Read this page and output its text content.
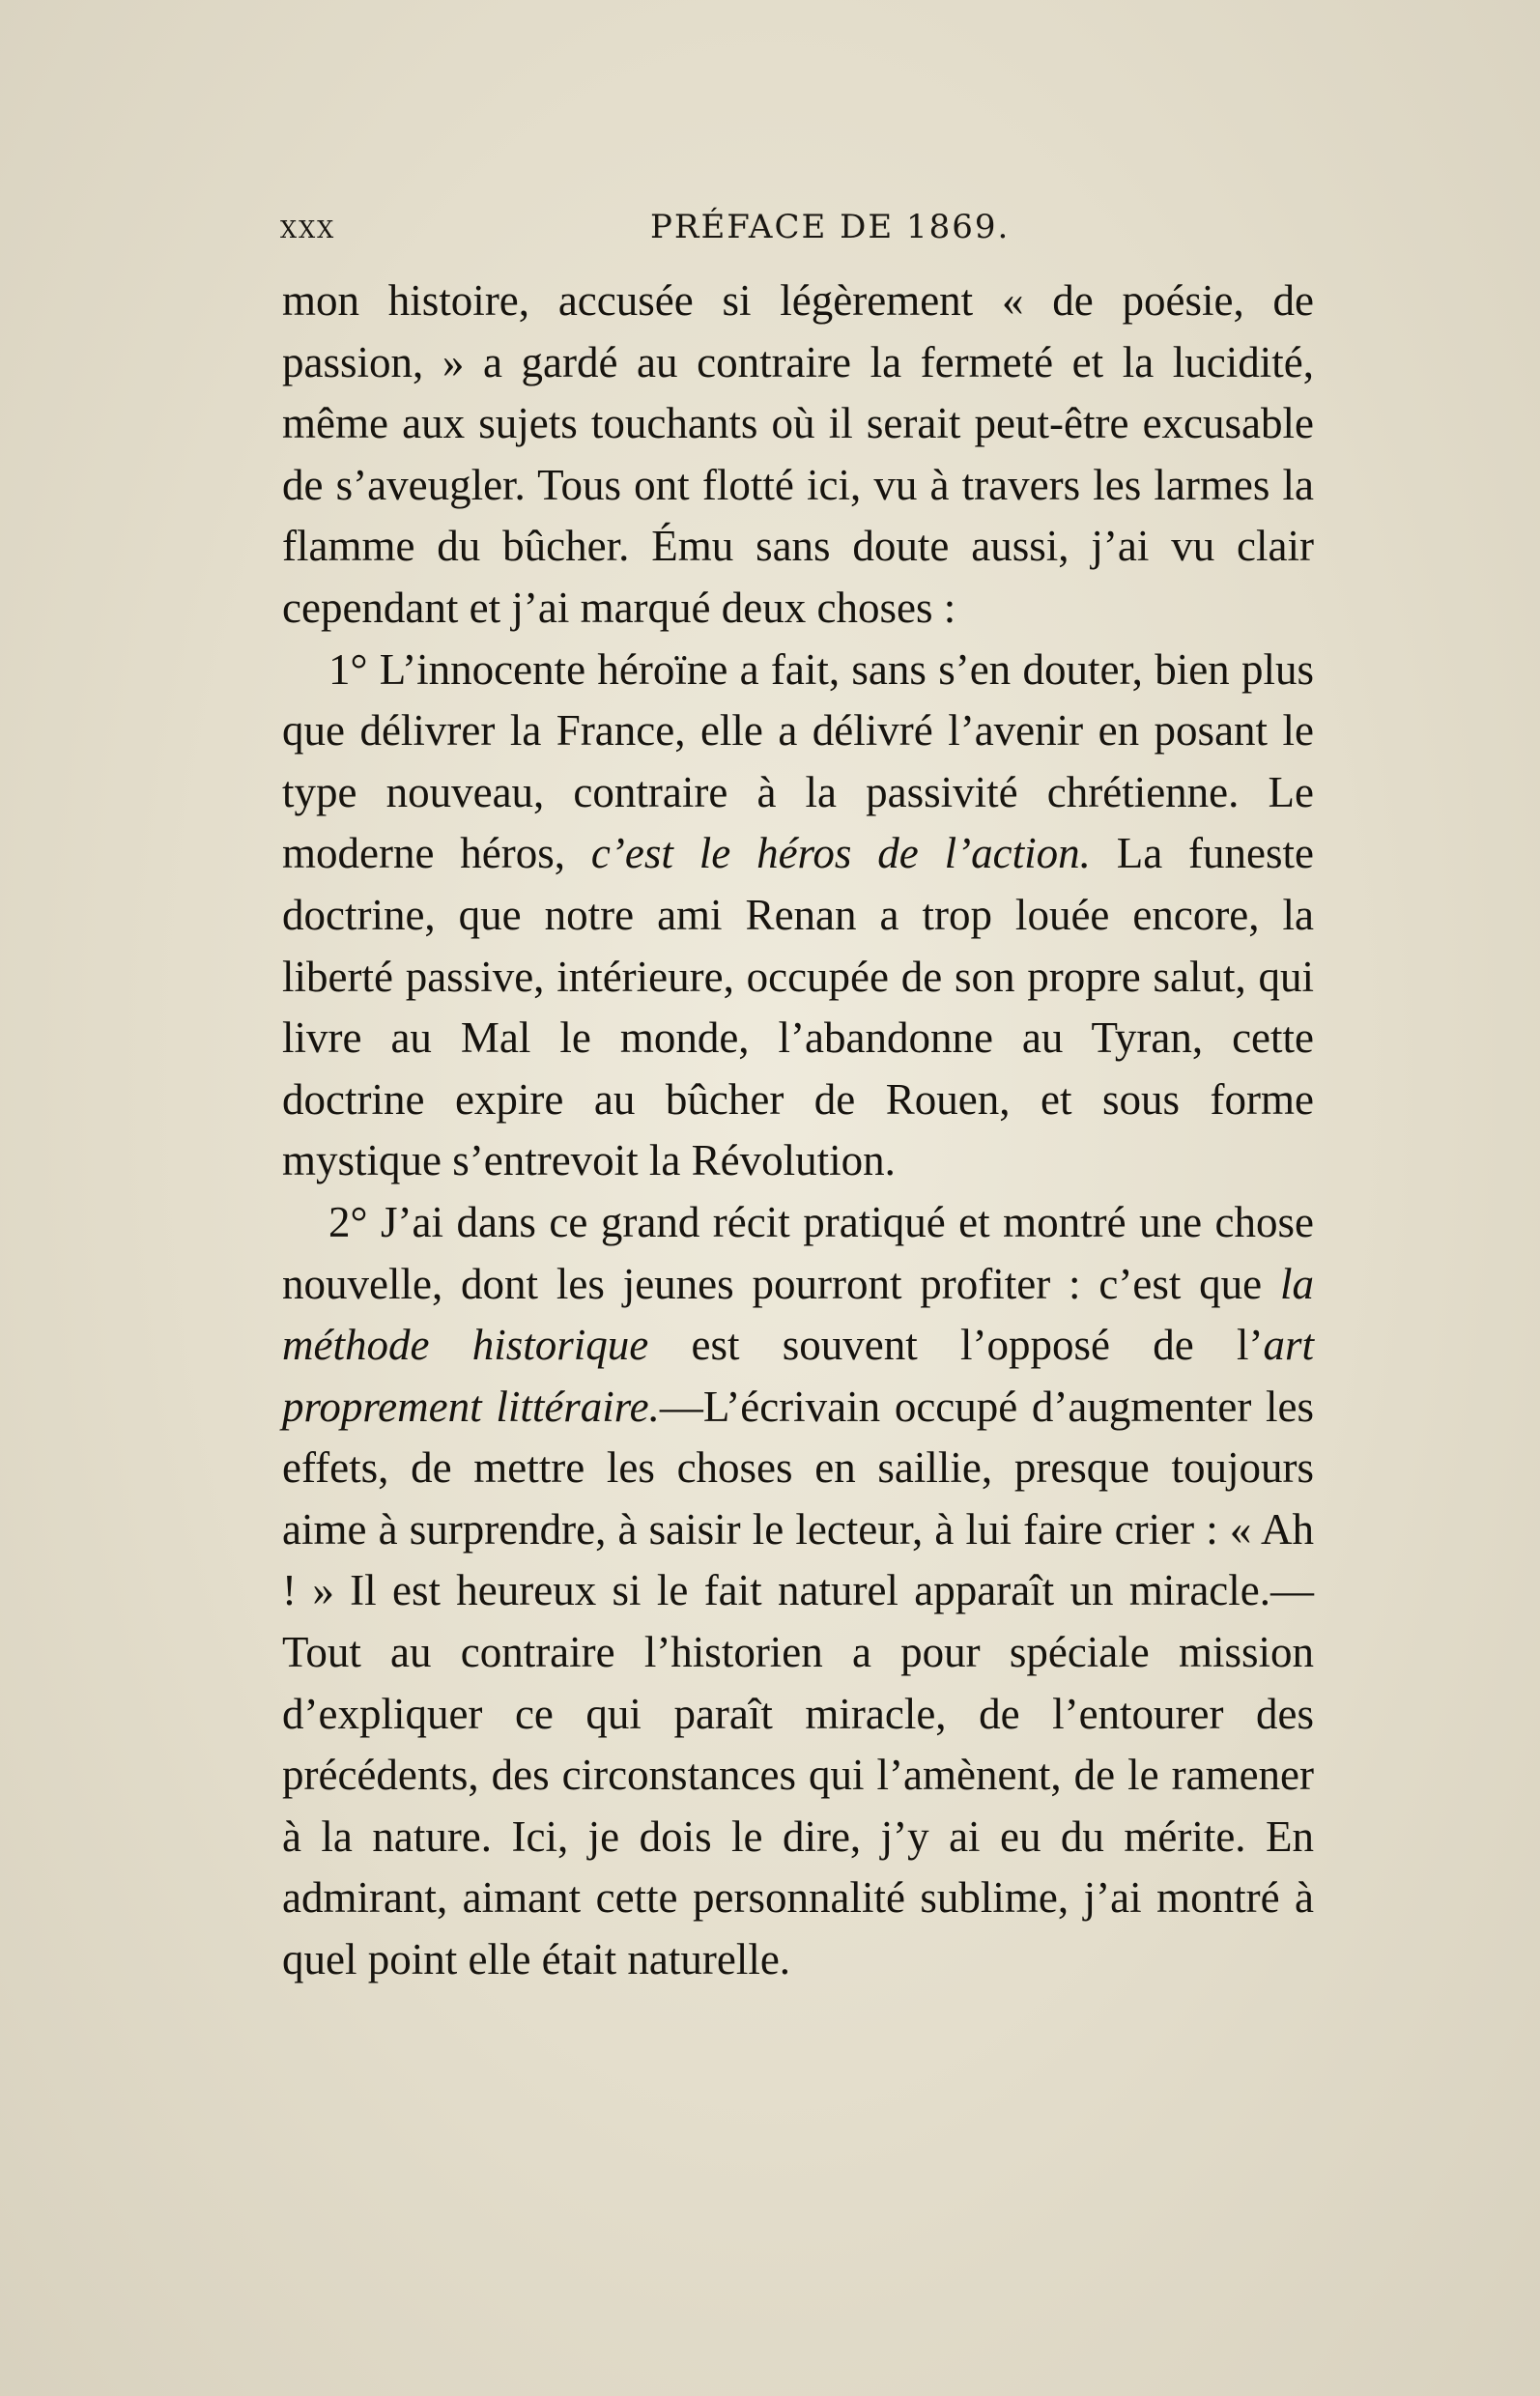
xxx	PRÉFACE DE 1869.

mon histoire, accusée si légèrement « de poésie, de passion, » a gardé au contraire la fermeté et la lucidité, même aux sujets touchants où il serait peut-être excusable de s’aveugler. Tous ont flotté ici, vu à travers les larmes la flamme du bûcher. Ému sans doute aussi, j’ai vu clair cependant et j’ai marqué deux choses :

1° L’innocente héroïne a fait, sans s’en douter, bien plus que délivrer la France, elle a délivré l’avenir en posant le type nouveau, contraire à la passivité chrétienne. Le moderne héros, c’est le héros de l’action. La funeste doctrine, que notre ami Renan a trop louée encore, la liberté passive, intérieure, occupée de son propre salut, qui livre au Mal le monde, l’abandonne au Tyran, cette doctrine expire au bûcher de Rouen, et sous forme mystique s’entrevoit la Révolution.

2° J’ai dans ce grand récit pratiqué et montré une chose nouvelle, dont les jeunes pourront profiter : c’est que la méthode historique est souvent l’opposé de l’art proprement littéraire.—L’écrivain occupé d’augmenter les effets, de mettre les choses en saillie, presque toujours aime à surprendre, à saisir le lecteur, à lui faire crier : « Ah ! » Il est heureux si le fait naturel apparaît un miracle.—Tout au contraire l’historien a pour spéciale mission d’expliquer ce qui paraît miracle, de l’entourer des précédents, des circonstances qui l’amènent, de le ramener à la nature. Ici, je dois le dire, j’y ai eu du mérite. En admirant, aimant cette personnalité sublime, j’ai montré à quel point elle était naturelle.
